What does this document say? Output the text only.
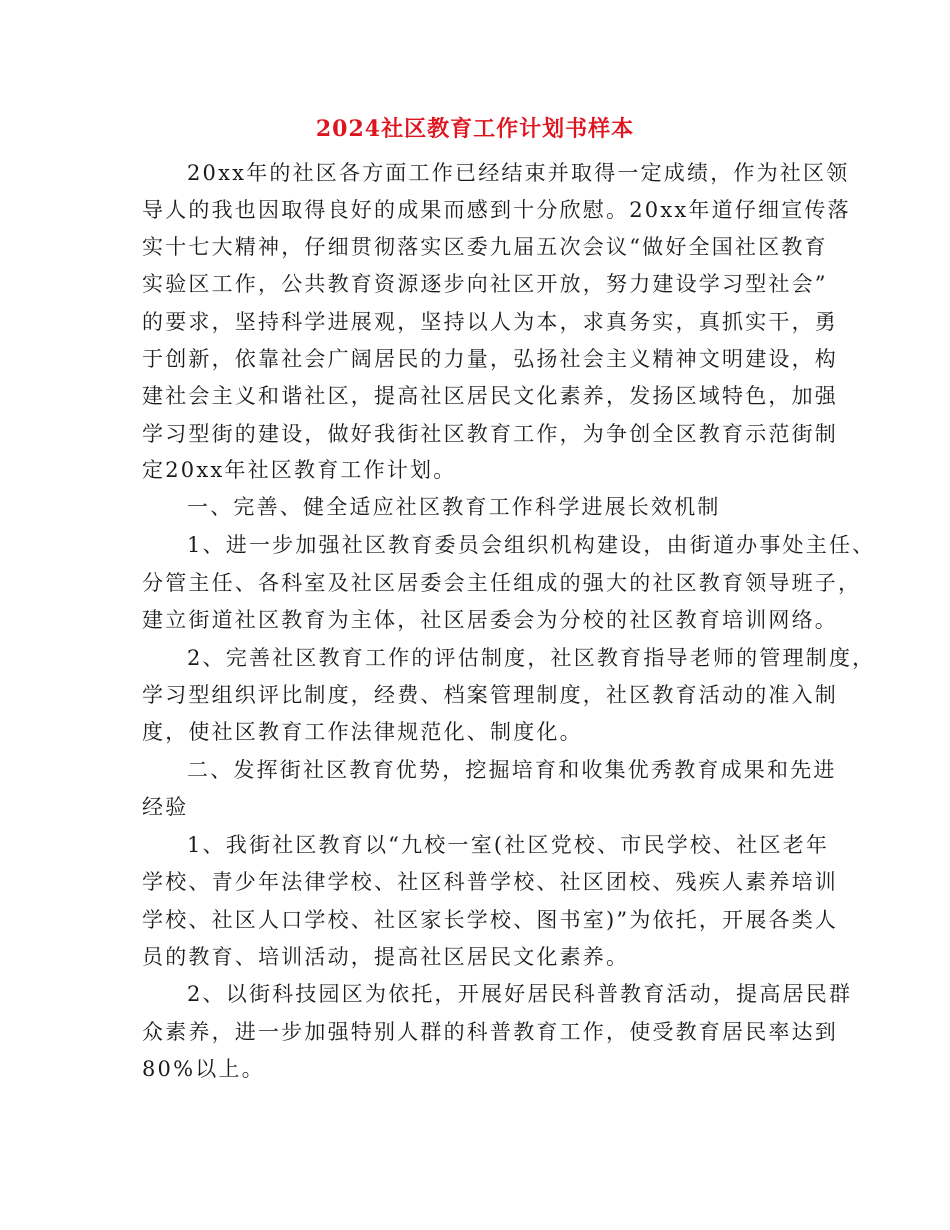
2024社区教育工作计划书样本
20xx年的社区各方面工作已经结束并取得一定成绩，作为社区领
导人的我也因取得良好的成果而感到十分欣慰。20xx年道仔细宣传落
实十七大精神，仔细贯彻落实区委九届五次会议“做好全国社区教育
实验区工作，公共教育资源逐步向社区开放，努力建设学习型社会”
的要求，坚持科学进展观，坚持以人为本，求真务实，真抓实干，勇
于创新，依靠社会广阔居民的力量，弘扬社会主义精神文明建设，构
建社会主义和谐社区，提高社区居民文化素养，发扬区域特色，加强
学习型街的建设，做好我街社区教育工作，为争创全区教育示范街制
定20xx年社区教育工作计划。
一、完善、健全适应社区教育工作科学进展长效机制
1、进一步加强社区教育委员会组织机构建设，由街道办事处主任、
分管主任、各科室及社区居委会主任组成的强大的社区教育领导班子，
建立街道社区教育为主体，社区居委会为分校的社区教育培训网络。
2、完善社区教育工作的评估制度，社区教育指导老师的管理制度，
学习型组织评比制度，经费、档案管理制度，社区教育活动的准入制
度，使社区教育工作法律规范化、制度化。
二、发挥街社区教育优势，挖掘培育和收集优秀教育成果和先进
经验
1、我街社区教育以“九校一室(社区党校、市民学校、社区老年
学校、青少年法律学校、社区科普学校、社区团校、残疾人素养培训
学校、社区人口学校、社区家长学校、图书室)”为依托，开展各类人
员的教育、培训活动，提高社区居民文化素养。
2、以街科技园区为依托，开展好居民科普教育活动，提高居民群
众素养，进一步加强特别人群的科普教育工作，使受教育居民率达到
80%以上。
